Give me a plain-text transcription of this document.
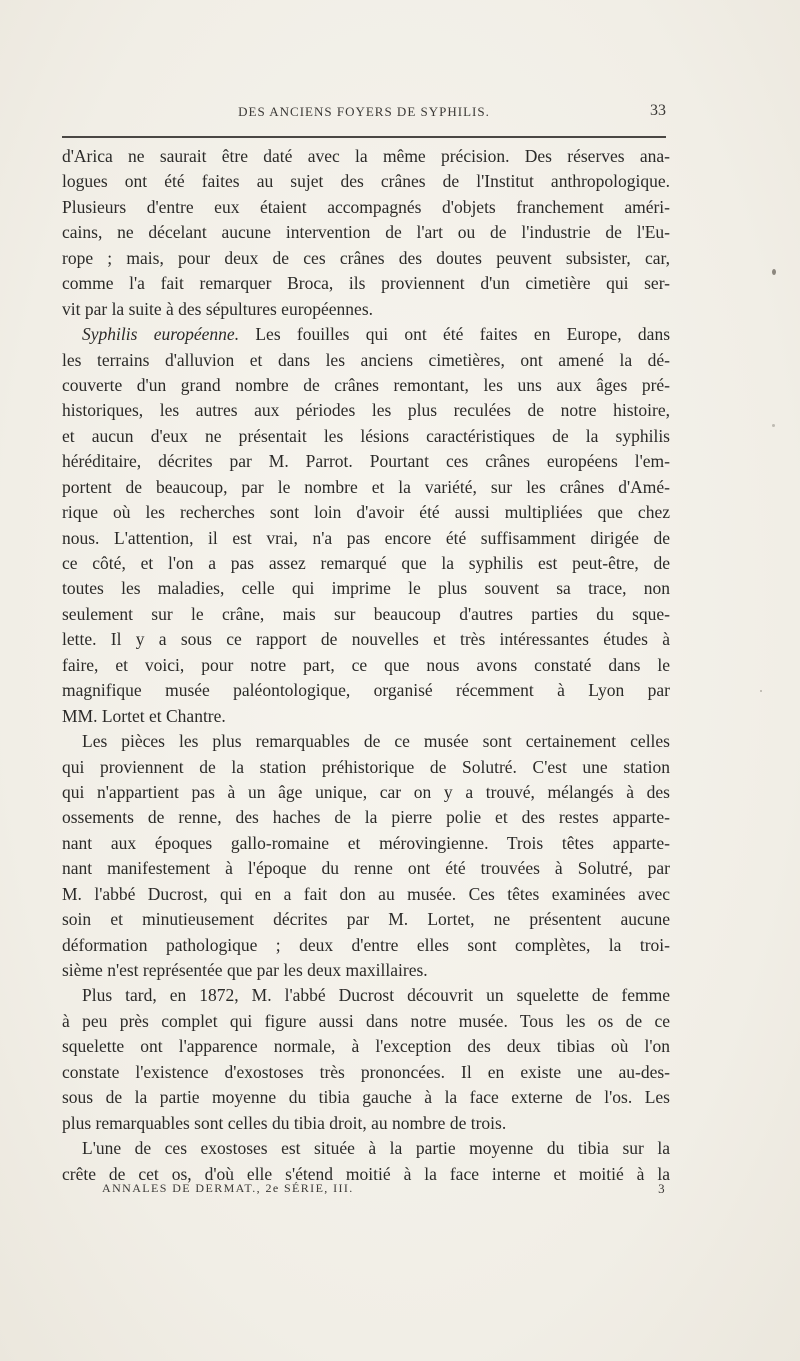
DES ANCIENS FOYERS DE SYPHILIS.	33
d'Arica ne saurait être daté avec la même précision. Des réserves ana-
logues ont été faites au sujet des crânes de l'Institut anthropologique.
Plusieurs d'entre eux étaient accompagnés d'objets franchement améri-
cains, ne décelant aucune intervention de l'art ou de l'industrie de l'Eu-
rope ; mais, pour deux de ces crânes des doutes peuvent subsister, car,
comme l'a fait remarquer Broca, ils proviennent d'un cimetière qui ser-
vit par la suite à des sépultures européennes.
Syphilis européenne. Les fouilles qui ont été faites en Europe, dans
les terrains d'alluvion et dans les anciens cimetières, ont amené la dé-
couverte d'un grand nombre de crânes remontant, les uns aux âges pré-
historiques, les autres aux périodes les plus reculées de notre histoire,
et aucun d'eux ne présentait les lésions caractéristiques de la syphilis
héréditaire, décrites par M. Parrot. Pourtant ces crânes européens l'em-
portent de beaucoup, par le nombre et la variété, sur les crânes d'Amé-
rique où les recherches sont loin d'avoir été aussi multipliées que chez
nous. L'attention, il est vrai, n'a pas encore été suffisamment dirigée de
ce côté, et l'on a pas assez remarqué que la syphilis est peut-être, de
toutes les maladies, celle qui imprime le plus souvent sa trace, non
seulement sur le crâne, mais sur beaucoup d'autres parties du sque-
lette. Il y a sous ce rapport de nouvelles et très intéressantes études à
faire, et voici, pour notre part, ce que nous avons constaté dans le
magnifique musée paléontologique, organisé récemment à Lyon par
MM. Lortet et Chantre.
Les pièces les plus remarquables de ce musée sont certainement celles
qui proviennent de la station préhistorique de Solutré. C'est une station
qui n'appartient pas à un âge unique, car on y a trouvé, mélangés à des
ossements de renne, des haches de la pierre polie et des restes apparte-
nant aux époques gallo-romaine et mérovingienne. Trois têtes apparte-
nant manifestement à l'époque du renne ont été trouvées à Solutré, par
M. l'abbé Ducrost, qui en a fait don au musée. Ces têtes examinées avec
soin et minutieusement décrites par M. Lortet, ne présentent aucune
déformation pathologique ; deux d'entre elles sont complètes, la troi-
sième n'est représentée que par les deux maxillaires.
Plus tard, en 1872, M. l'abbé Ducrost découvrit un squelette de femme
à peu près complet qui figure aussi dans notre musée. Tous les os de ce
squelette ont l'apparence normale, à l'exception des deux tibias où l'on
constate l'existence d'exostoses très prononcées. Il en existe une au-des-
sous de la partie moyenne du tibia gauche à la face externe de l'os. Les
plus remarquables sont celles du tibia droit, au nombre de trois.
L'une de ces exostoses est située à la partie moyenne du tibia sur la
crête de cet os, d'où elle s'étend moitié à la face interne et moitié à la
ANNALES DE DERMAT., 2e SÉRIE, III.	3
